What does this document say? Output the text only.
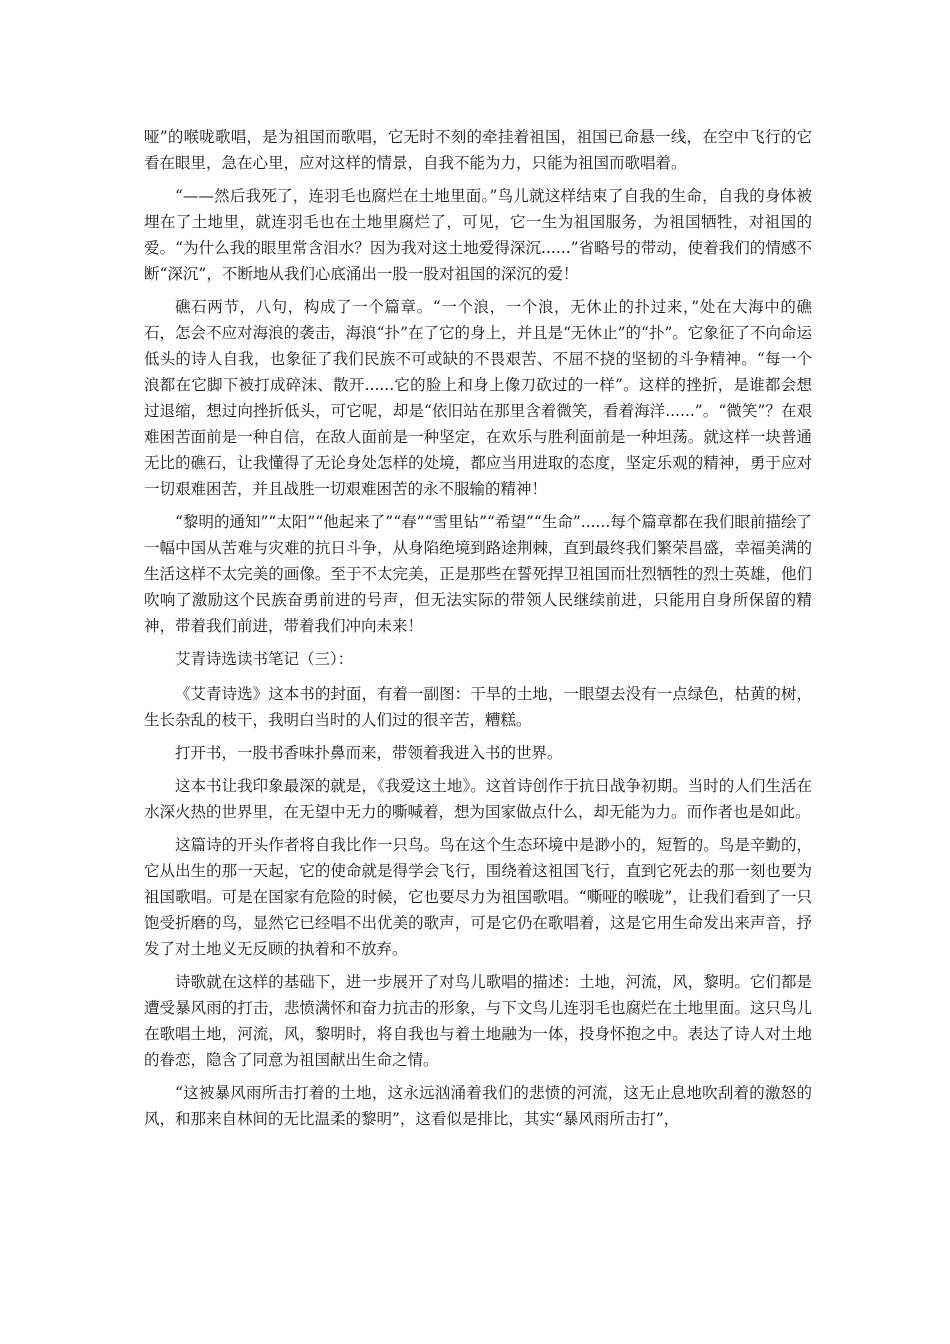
哑”的喉咙歌唱，是为祖国而歌唱，它无时不刻的牵挂着祖国，祖国已命悬一线，在空中飞行的它看在眼里，急在心里，应对这样的情景，自我不能为力，只能为祖国而歌唱着。

“——然后我死了，连羽毛也腐烂在土地里面。”鸟儿就这样结束了自我的生命，自我的身体被埋在了土地里，就连羽毛也在土地里腐烂了，可见，它一生为祖国服务，为祖国牺牲，对祖国的爱。“为什么我的眼里常含泪水？因为我对这土地爱得深沉......”省略号的带动，使着我们的情感不断“深沉”，不断地从我们心底涌出一股一股对祖国的深沉的爱！

礁石两节，八句，构成了一个篇章。“一个浪，一个浪，无休止的扑过来，”处在大海中的礁石，怎会不应对海浪的袭击，海浪“扑”在了它的身上，并且是“无休止”的“扑”。它象征了不向命运低头的诗人自我，也象征了我们民族不可或缺的不畏艰苦、不屈不挠的坚韧的斗争精神。“每一个浪都在它脚下被打成碎沫、散开......它的脸上和身上像刀砍过的一样”。这样的挫折，是谁都会想过退缩，想过向挫折低头，可它呢，却是“依旧站在那里含着微笑，看着海洋......”。“微笑”？在艰难困苦面前是一种自信，在敌人面前是一种坚定，在欢乐与胜利面前是一种坦荡。就这样一块普通无比的礁石，让我懂得了无论身处怎样的处境，都应当用进取的态度，坚定乐观的精神，勇于应对一切艰难困苦，并且战胜一切艰难困苦的永不服输的精神！

“黎明的通知”“太阳”“他起来了”“春”“雪里钻”“希望”“生命”......每个篇章都在我们眼前描绘了一幅中国从苦难与灾难的抗日斗争，从身陷绝境到路途荆棘，直到最终我们繁荣昌盛，幸福美满的生活这样不太完美的画像。至于不太完美，正是那些在誓死捍卫祖国而壮烈牺牲的烈士英雄，他们吹响了激励这个民族奋勇前进的号声，但无法实际的带领人民继续前进，只能用自身所保留的精神，带着我们前进，带着我们冲向未来！

艾青诗选读书笔记（三）：

《艾青诗选》这本书的封面，有着一副图：干旱的土地，一眼望去没有一点绿色，枯黄的树，生长杂乱的枝干，我明白当时的人们过的很辛苦，糟糕。

打开书，一股书香味扑鼻而来，带领着我进入书的世界。

这本书让我印象最深的就是，《我爱这土地》。这首诗创作于抗日战争初期。当时的人们生活在水深火热的世界里，在无望中无力的嘶喊着，想为国家做点什么，却无能为力。而作者也是如此。

这篇诗的开头作者将自我比作一只鸟。鸟在这个生态环境中是渺小的，短暂的。鸟是辛勤的，它从出生的那一天起，它的使命就是得学会飞行，围绕着这祖国飞行，直到它死去的那一刻也要为祖国歌唱。可是在国家有危险的时候，它也要尽力为祖国歌唱。“嘶哑的喉咙”，让我们看到了一只饱受折磨的鸟，显然它已经唱不出优美的歌声，可是它仍在歌唱着，这是它用生命发出来声音，抒发了对土地义无反顾的执着和不放弃。

诗歌就在这样的基础下，进一步展开了对鸟儿歌唱的描述：土地，河流，风，黎明。它们都是遭受暴风雨的打击，悲愤满怀和奋力抗击的形象，与下文鸟儿连羽毛也腐烂在土地里面。这只鸟儿在歌唱土地，河流，风，黎明时，将自我也与着土地融为一体，投身怀抱之中。表达了诗人对土地的眷恋，隐含了同意为祖国献出生命之情。

“这被暴风雨所击打着的土地，这永远汹涌着我们的悲愤的河流，这无止息地吹刮着的激怒的风，和那来自林间的无比温柔的黎明”，这看似是排比，其实“暴风雨所击打”，
